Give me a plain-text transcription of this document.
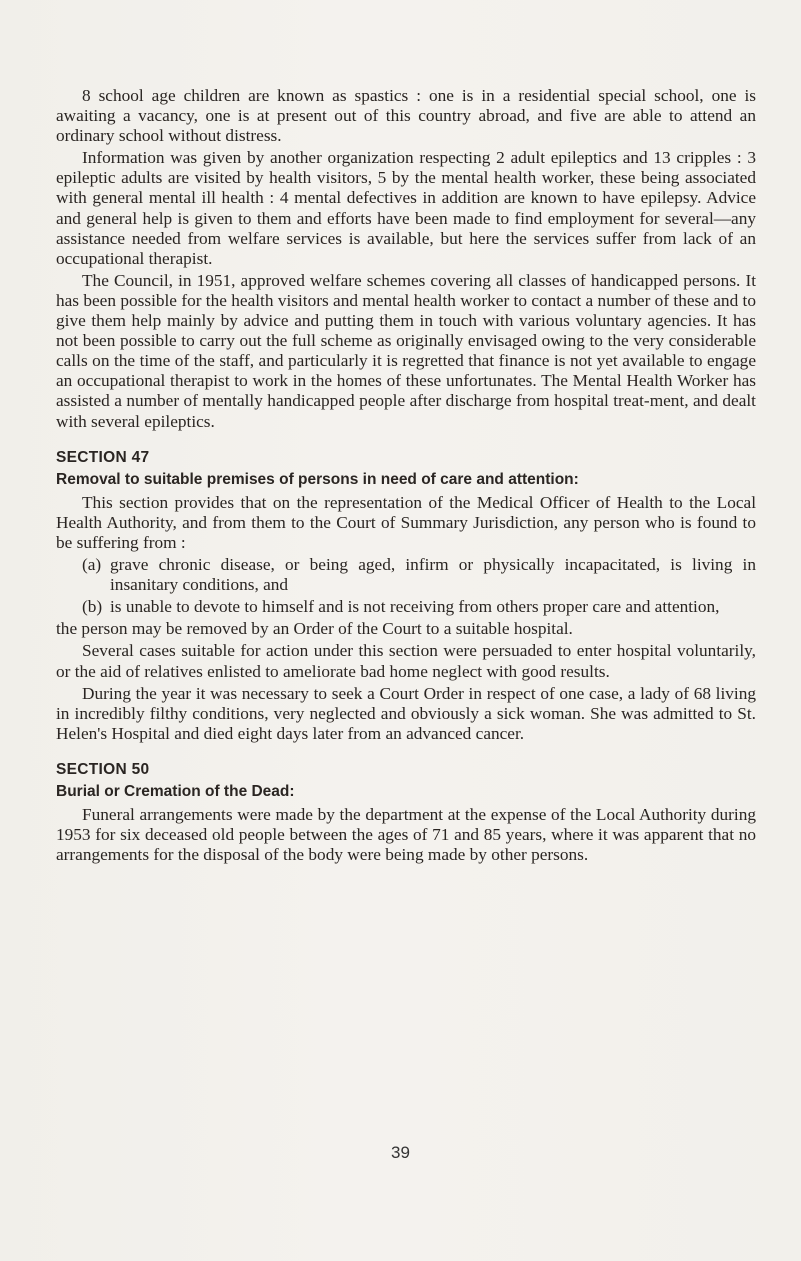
8 school age children are known as spastics : one is in a residential special school, one is awaiting a vacancy, one is at present out of this country abroad, and five are able to attend an ordinary school without distress.

Information was given by another organization respecting 2 adult epileptics and 13 cripples : 3 epileptic adults are visited by health visitors, 5 by the mental health worker, these being associated with general mental ill health : 4 mental defectives in addition are known to have epilepsy. Advice and general help is given to them and efforts have been made to find employment for several—any assistance needed from welfare services is available, but here the services suffer from lack of an occupational therapist.

The Council, in 1951, approved welfare schemes covering all classes of handicapped persons. It has been possible for the health visitors and mental health worker to contact a number of these and to give them help mainly by advice and putting them in touch with various voluntary agencies. It has not been possible to carry out the full scheme as originally envisaged owing to the very considerable calls on the time of the staff, and particularly it is regretted that finance is not yet available to engage an occupational therapist to work in the homes of these unfortunates. The Mental Health Worker has assisted a number of mentally handicapped people after discharge from hospital treat-ment, and dealt with several epileptics.

SECTION 47
Removal to suitable premises of persons in need of care and attention:

This section provides that on the representation of the Medical Officer of Health to the Local Health Authority, and from them to the Court of Summary Jurisdiction, any person who is found to be suffering from :

(a) grave chronic disease, or being aged, infirm or physically incapacitated, is living in insanitary conditions, and
(b) is unable to devote to himself and is not receiving from others proper care and attention,

the person may be removed by an Order of the Court to a suitable hospital.

Several cases suitable for action under this section were persuaded to enter hospital voluntarily, or the aid of relatives enlisted to ameliorate bad home neglect with good results.

During the year it was necessary to seek a Court Order in respect of one case, a lady of 68 living in incredibly filthy conditions, very neglected and obviously a sick woman. She was admitted to St. Helen's Hospital and died eight days later from an advanced cancer.

SECTION 50
Burial or Cremation of the Dead:

Funeral arrangements were made by the department at the expense of the Local Authority during 1953 for six deceased old people between the ages of 71 and 85 years, where it was apparent that no arrangements for the disposal of the body were being made by other persons.

39
